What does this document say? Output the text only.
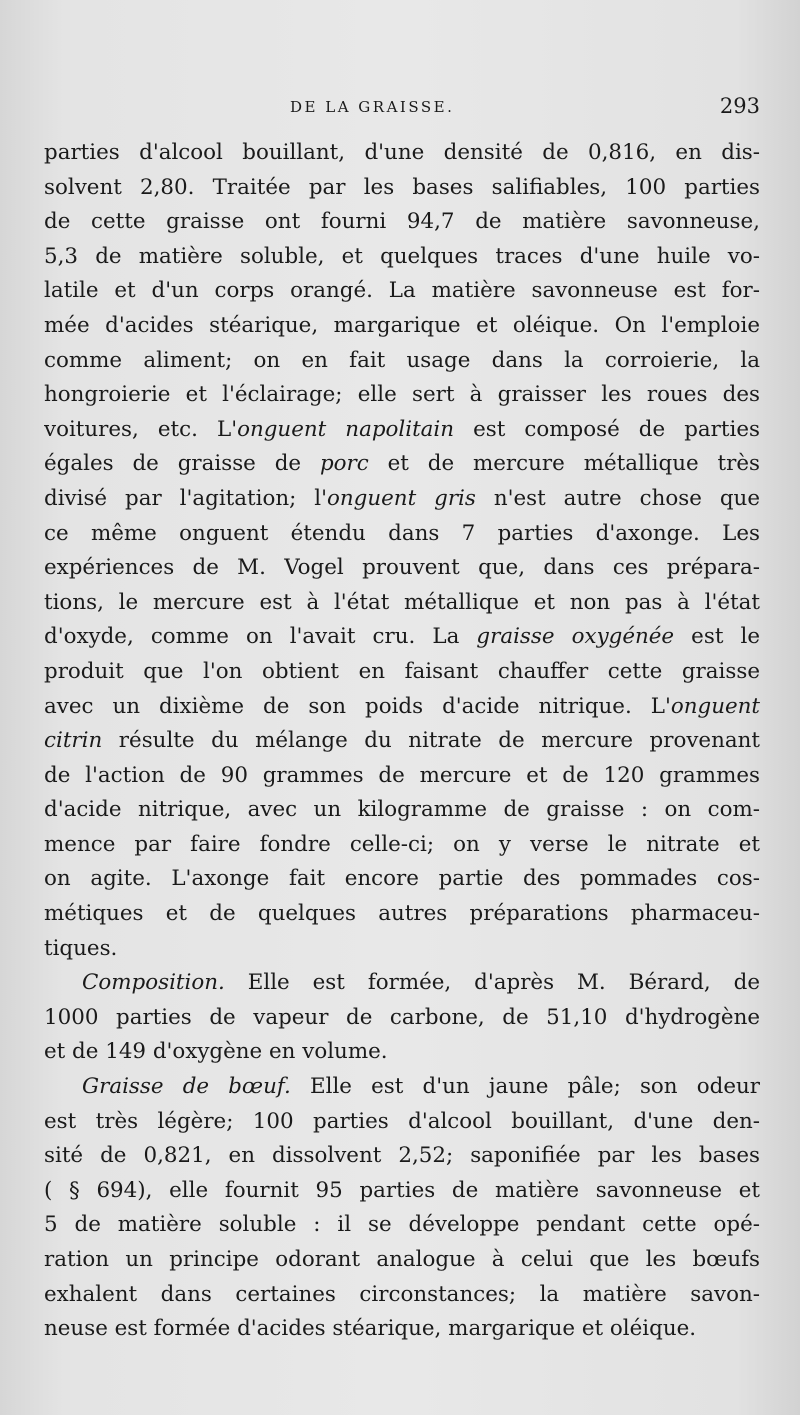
DE LA GRAISSE.	293
parties d'alcool bouillant, d'une densité de 0,816, en dis-
solvent 2,80. Traitée par les bases salifiables, 100 parties
de cette graisse ont fourni 94,7 de matière savonneuse,
5,3 de matière soluble, et quelques traces d'une huile vo-
latile et d'un corps orangé. La matière savonneuse est for-
mée d'acides stéarique, margarique et oléique. On l'emploie
comme aliment; on en fait usage dans la corroierie, la
hongroierie et l'éclairage; elle sert à graisser les roues des
voitures, etc. L'onguent napolitain est composé de parties
égales de graisse de porc et de mercure métallique très
divisé par l'agitation; l'onguent gris n'est autre chose que
ce même onguent étendu dans 7 parties d'axonge. Les
expériences de M. Vogel prouvent que, dans ces prépara-
tions, le mercure est à l'état métallique et non pas à l'état
d'oxyde, comme on l'avait cru. La graisse oxygénée est le
produit que l'on obtient en faisant chauffer cette graisse
avec un dixième de son poids d'acide nitrique. L'onguent
citrin résulte du mélange du nitrate de mercure provenant
de l'action de 90 grammes de mercure et de 120 grammes
d'acide nitrique, avec un kilogramme de graisse : on com-
mence par faire fondre celle-ci; on y verse le nitrate et
on agite. L'axonge fait encore partie des pommades cos-
métiques et de quelques autres préparations pharmaceu-
tiques.
Composition. Elle est formée, d'après M. Bérard, de
1000 parties de vapeur de carbone, de 51,10 d'hydrogène
et de 149 d'oxygène en volume.
Graisse de bœuf. Elle est d'un jaune pâle; son odeur
est très légère; 100 parties d'alcool bouillant, d'une den-
sité de 0,821, en dissolvent 2,52; saponifiée par les bases
( § 694), elle fournit 95 parties de matière savonneuse et
5 de matière soluble : il se développe pendant cette opé-
ration un principe odorant analogue à celui que les bœufs
exhalent dans certaines circonstances; la matière savon-
neuse est formée d'acides stéarique, margarique et oléique.
